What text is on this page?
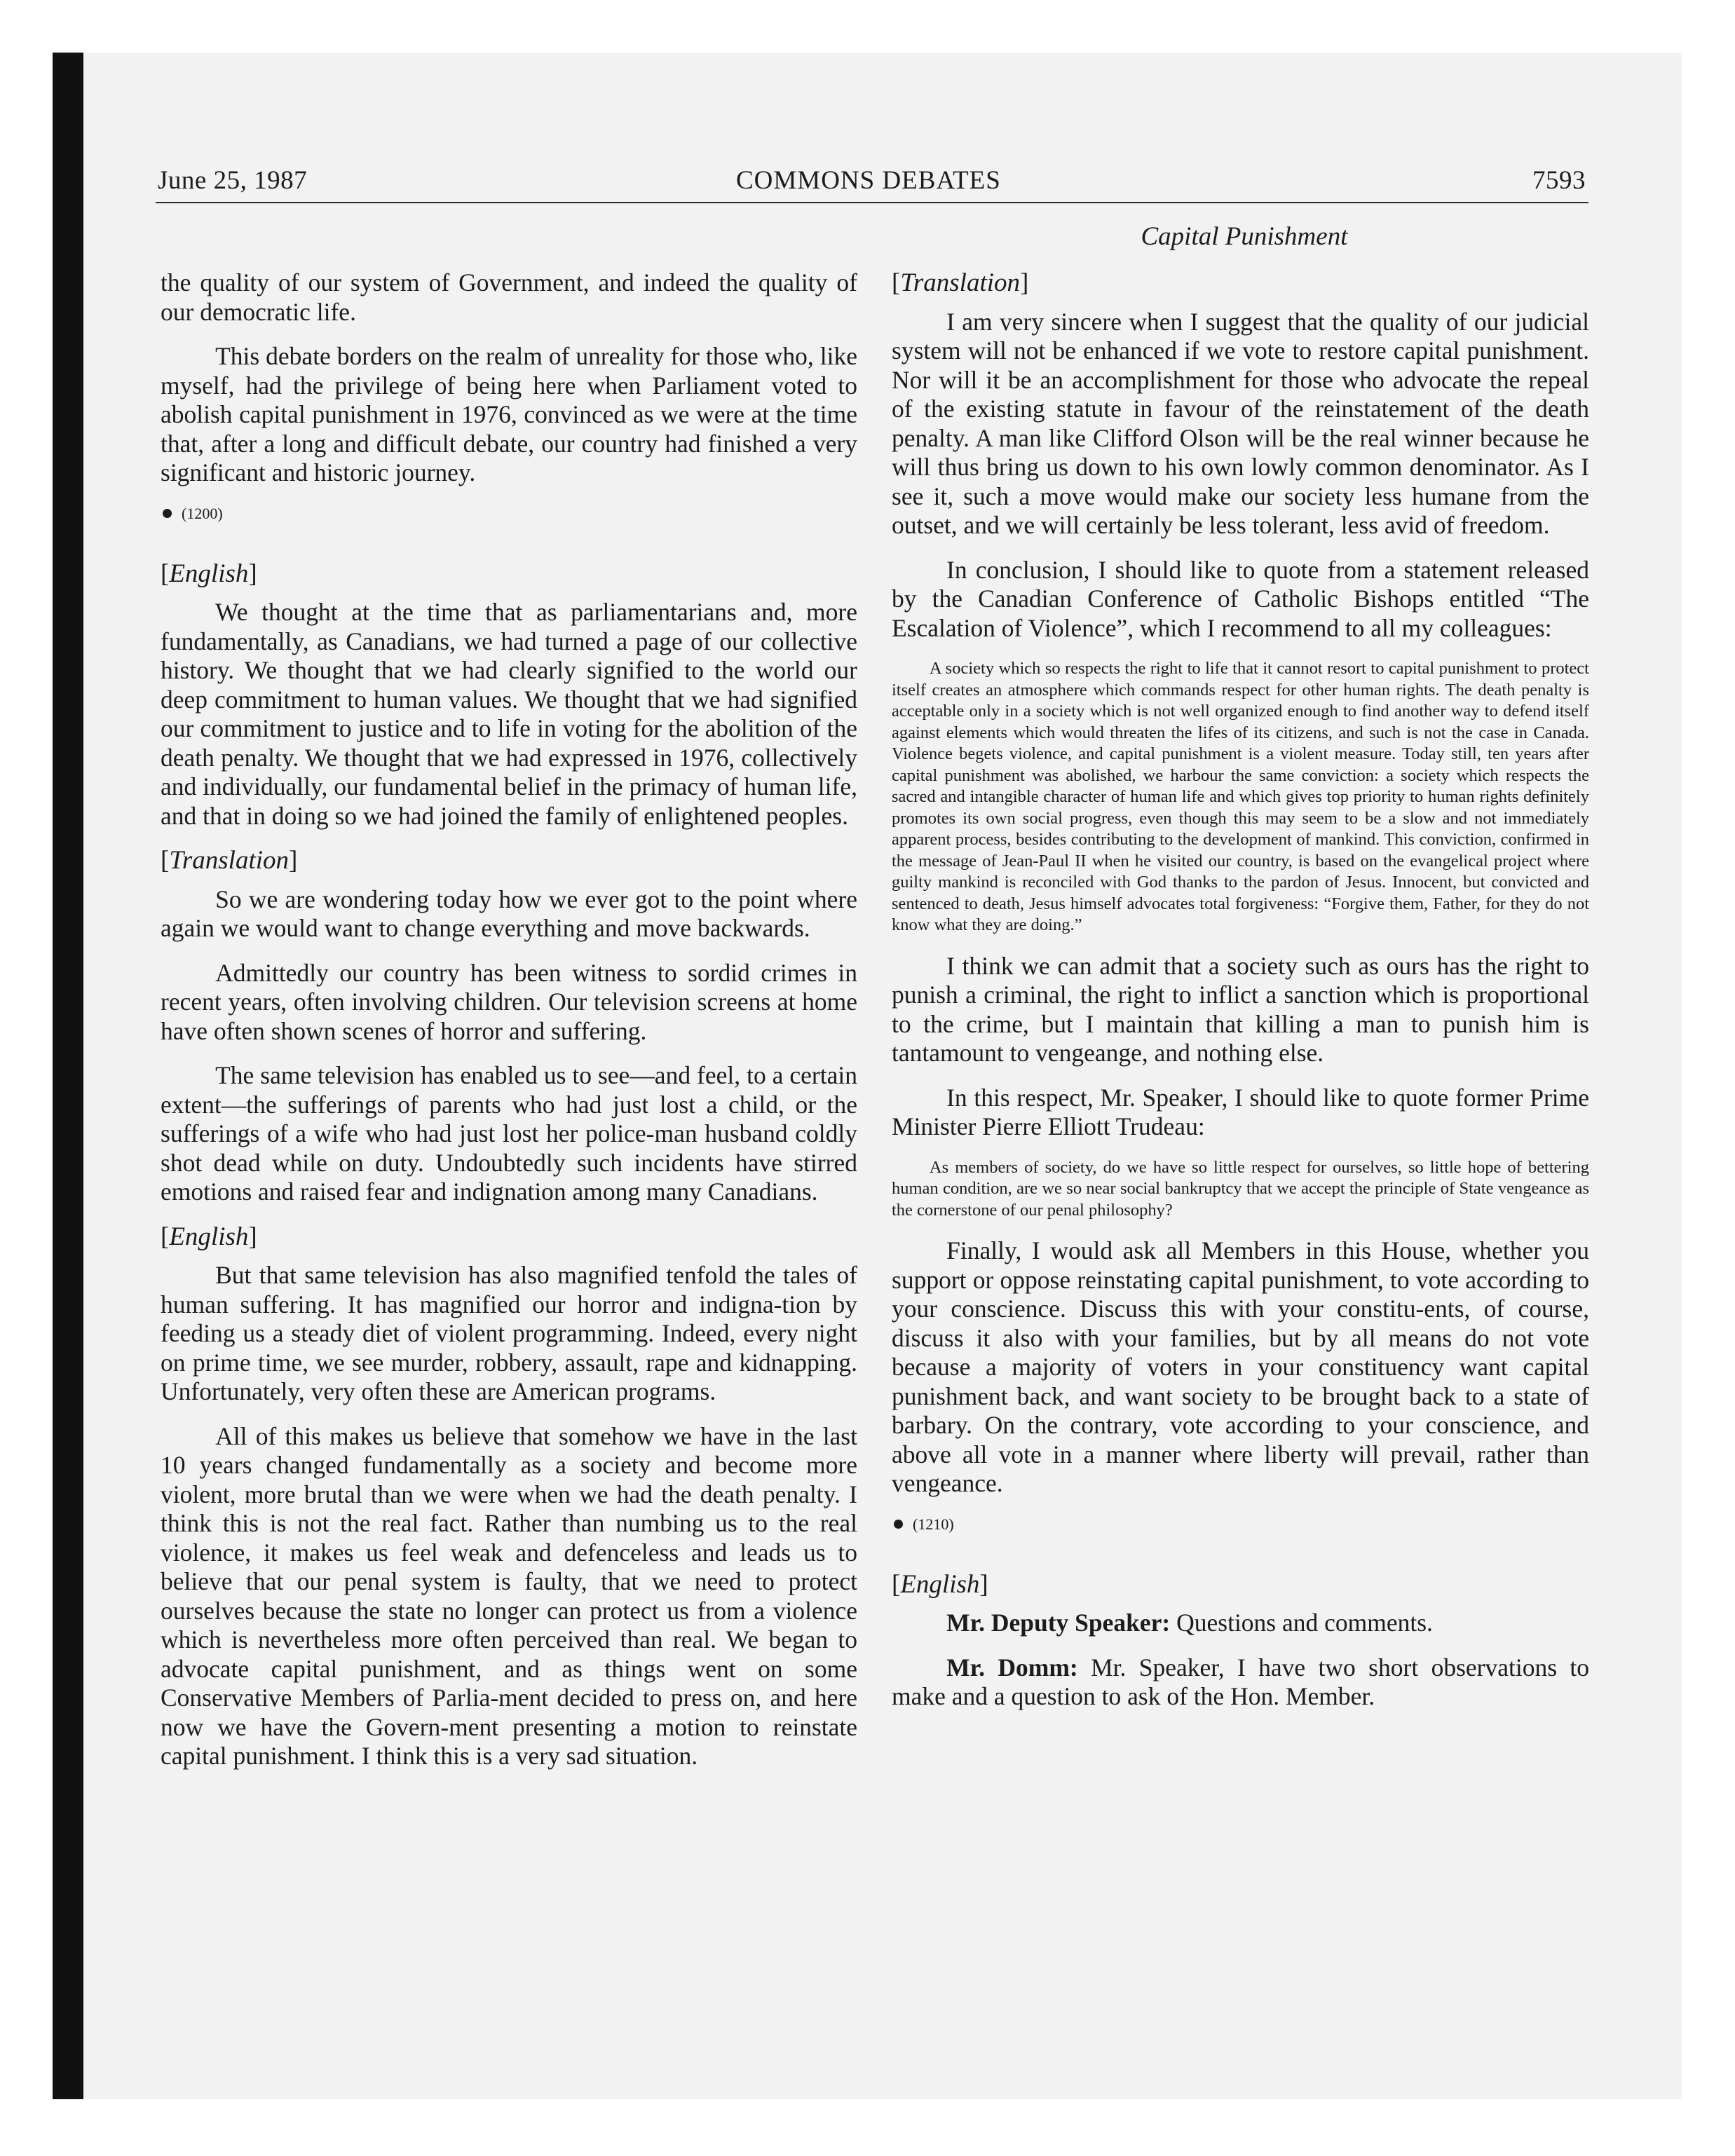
June 25, 1987	COMMONS DEBATES	7593
Capital Punishment

the quality of our system of Government, and indeed the quality of our democratic life.

This debate borders on the realm of unreality for those who, like myself, had the privilege of being here when Parliament voted to abolish capital punishment in 1976, convinced as we were at the time that, after a long and difficult debate, our country had finished a very significant and historic journey.

(1200)
[English]

We thought at the time that as parliamentarians and, more fundamentally, as Canadians, we had turned a page of our collective history. We thought that we had clearly signified to the world our deep commitment to human values. We thought that we had signified our commitment to justice and to life in voting for the abolition of the death penalty. We thought that we had expressed in 1976, collectively and individually, our fundamental belief in the primacy of human life, and that in doing so we had joined the family of enlightened peoples.

[Translation]

So we are wondering today how we ever got to the point where again we would want to change everything and move backwards.

Admittedly our country has been witness to sordid crimes in recent years, often involving children. Our television screens at home have often shown scenes of horror and suffering.

The same television has enabled us to see—and feel, to a certain extent—the sufferings of parents who had just lost a child, or the sufferings of a wife who had just lost her police-man husband coldly shot dead while on duty. Undoubtedly such incidents have stirred emotions and raised fear and indignation among many Canadians.

[English]

But that same television has also magnified tenfold the tales of human suffering. It has magnified our horror and indigna-tion by feeding us a steady diet of violent programming. Indeed, every night on prime time, we see murder, robbery, assault, rape and kidnapping. Unfortunately, very often these are American programs.

All of this makes us believe that somehow we have in the last 10 years changed fundamentally as a society and become more violent, more brutal than we were when we had the death penalty. I think this is not the real fact. Rather than numbing us to the real violence, it makes us feel weak and defenceless and leads us to believe that our penal system is faulty, that we need to protect ourselves because the state no longer can protect us from a violence which is nevertheless more often perceived than real. We began to advocate capital punishment, and as things went on some Conservative Members of Parlia-ment decided to press on, and here now we have the Govern-ment presenting a motion to reinstate capital punishment. I think this is a very sad situation.

[Translation]

I am very sincere when I suggest that the quality of our judicial system will not be enhanced if we vote to restore capital punishment. Nor will it be an accomplishment for those who advocate the repeal of the existing statute in favour of the reinstatement of the death penalty. A man like Clifford Olson will be the real winner because he will thus bring us down to his own lowly common denominator. As I see it, such a move would make our society less humane from the outset, and we will certainly be less tolerant, less avid of freedom.

In conclusion, I should like to quote from a statement released by the Canadian Conference of Catholic Bishops entitled “The Escalation of Violence”, which I recommend to all my colleagues:

A society which so respects the right to life that it cannot resort to capital punishment to protect itself creates an atmosphere which commands respect for other human rights. The death penalty is acceptable only in a society which is not well organized enough to find another way to defend itself against elements which would threaten the lifes of its citizens, and such is not the case in Canada. Violence begets violence, and capital punishment is a violent measure. Today still, ten years after capital punishment was abolished, we harbour the same conviction: a society which respects the sacred and intangible character of human life and which gives top priority to human rights definitely promotes its own social progress, even though this may seem to be a slow and not immediately apparent process, besides contributing to the development of mankind. This conviction, confirmed in the message of Jean-Paul II when he visited our country, is based on the evangelical project where guilty mankind is reconciled with God thanks to the pardon of Jesus. Innocent, but convicted and sentenced to death, Jesus himself advocates total forgiveness: “Forgive them, Father, for they do not know what they are doing.”

I think we can admit that a society such as ours has the right to punish a criminal, the right to inflict a sanction which is proportional to the crime, but I maintain that killing a man to punish him is tantamount to vengeange, and nothing else.

In this respect, Mr. Speaker, I should like to quote former Prime Minister Pierre Elliott Trudeau:

As members of society, do we have so little respect for ourselves, so little hope of bettering human condition, are we so near social bankruptcy that we accept the principle of State vengeance as the cornerstone of our penal philosophy?

Finally, I would ask all Members in this House, whether you support or oppose reinstating capital punishment, to vote according to your conscience. Discuss this with your constitu-ents, of course, discuss it also with your families, but by all means do not vote because a majority of voters in your constituency want capital punishment back, and want society to be brought back to a state of barbary. On the contrary, vote according to your conscience, and above all vote in a manner where liberty will prevail, rather than vengeance.

(1210)
[English]

Mr. Deputy Speaker: Questions and comments.

Mr. Domm: Mr. Speaker, I have two short observations to make and a question to ask of the Hon. Member.
